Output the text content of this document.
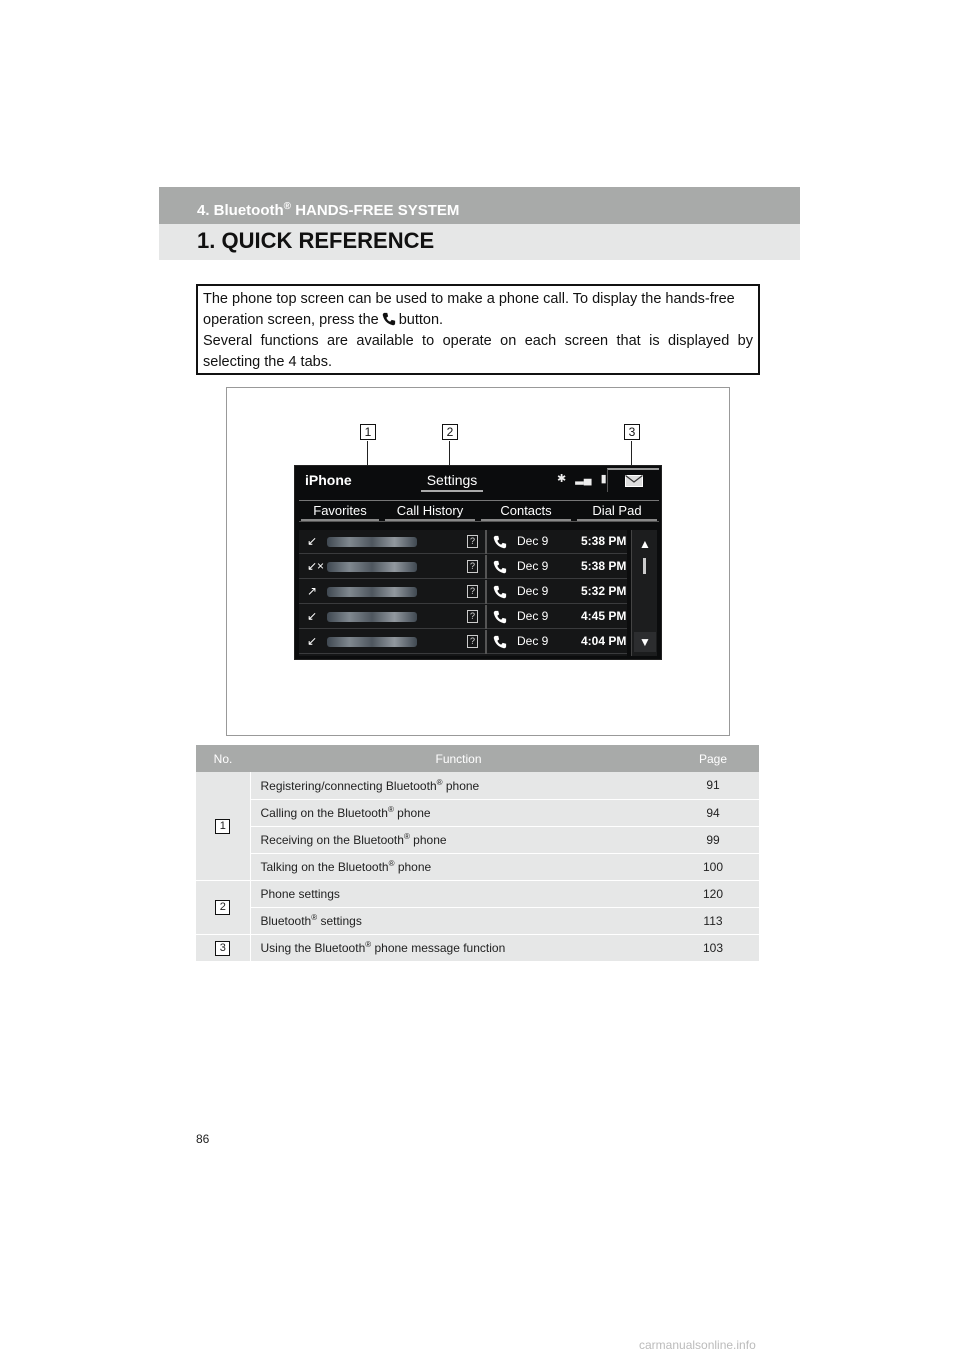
4. Bluetooth® HANDS-FREE SYSTEM
1. QUICK REFERENCE

The phone top screen can be used to make a phone call. To display the hands-free operation screen, press the button.

Several functions are available to operate on each screen that is displayed by selecting the 4 tabs.

1	2	3
iPhone	Settings	✱ ▂▄ ▮
Favorites	Call History	Contacts	Dial Pad
↙	?	Dec 9	5:38 PM
↙×	?	Dec 9	5:38 PM
↗	?	Dec 9	5:32 PM
↙	?	Dec 9	4:45 PM
↙	?	Dec 9	4:04 PM
▲
▼
No.	Function	Page
1	Registering/connecting Bluetooth® phone	91
	Calling on the Bluetooth® phone	94
	Receiving on the Bluetooth® phone	99
	Talking on the Bluetooth® phone	100
2	Phone settings	120
	Bluetooth® settings	113
3	Using the Bluetooth® phone message function	103
86
carmanualsonline.info
